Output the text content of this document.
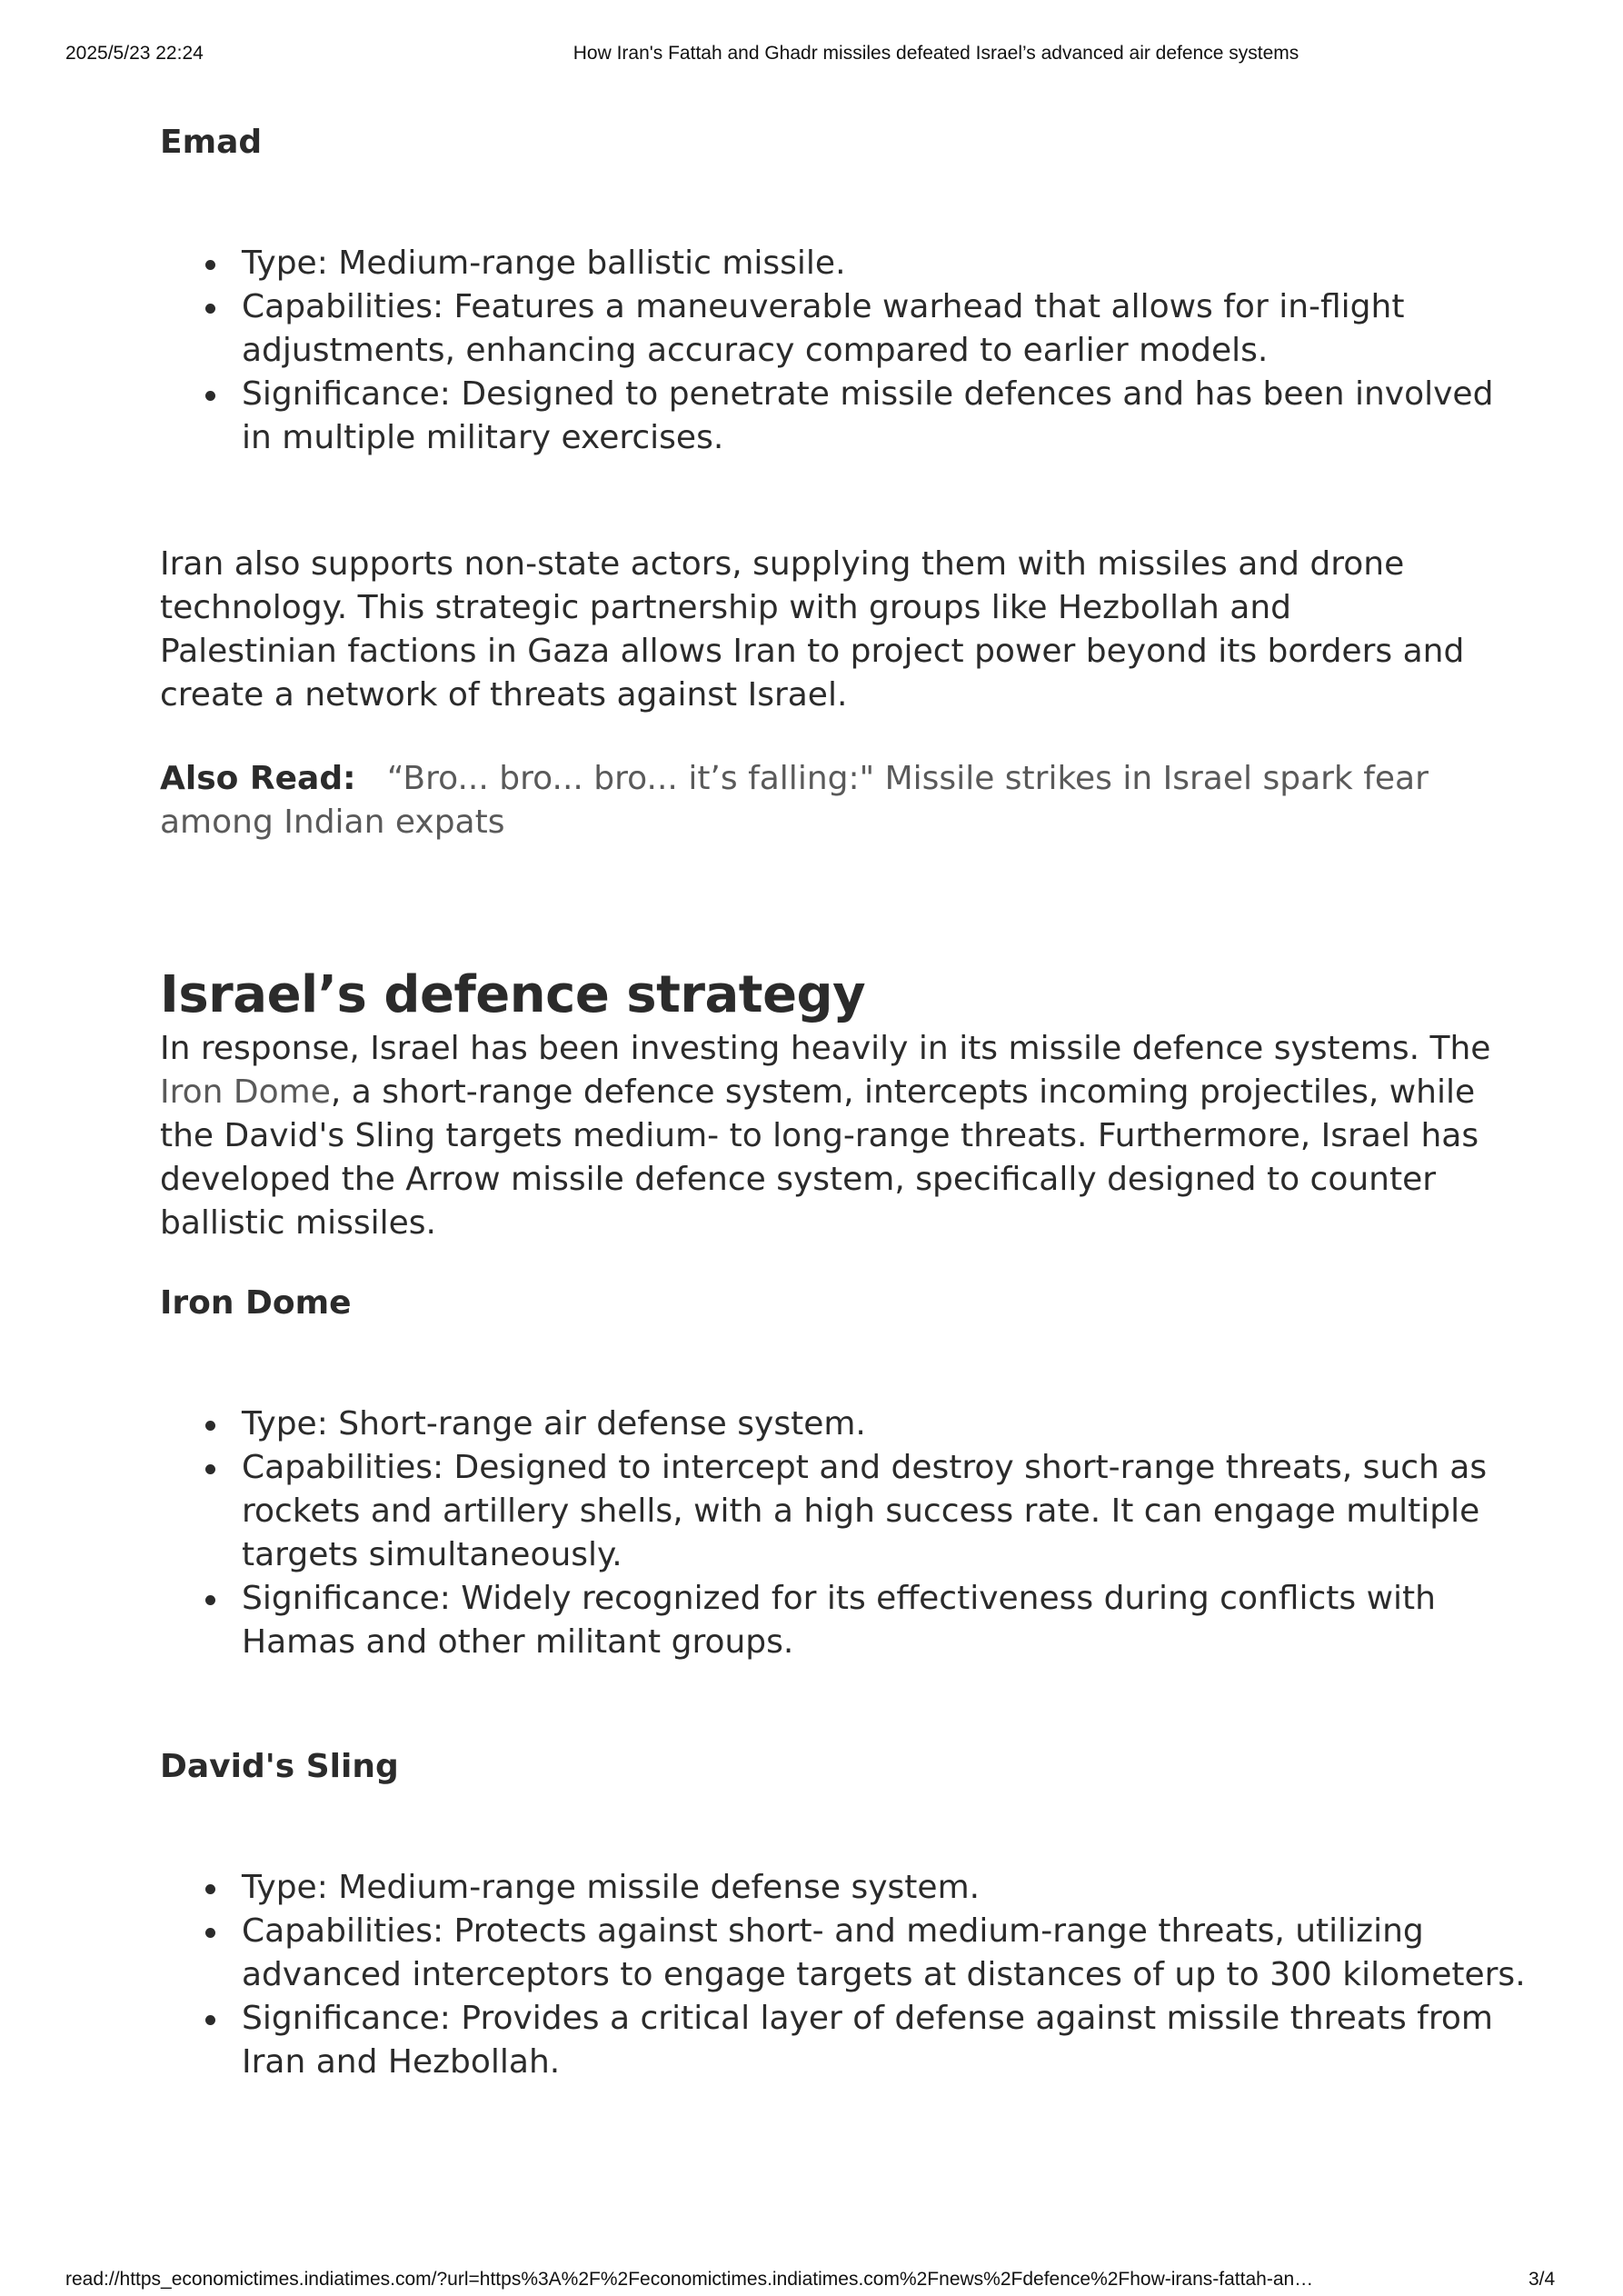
2025/5/23 22:24	How Iran's Fattah and Ghadr missiles defeated Israel’s advanced air defence systems
Emad
Type: Medium-range ballistic missile.
Capabilities: Features a maneuverable warhead that allows for in-flight adjustments, enhancing accuracy compared to earlier models.
Significance: Designed to penetrate missile defences and has been involved in multiple military exercises.

Iran also supports non-state actors, supplying them with missiles and drone technology. This strategic partnership with groups like Hezbollah and Palestinian factions in Gaza allows Iran to project power beyond its borders and create a network of threats against Israel.

Also Read: “Bro... bro... bro... it’s falling:" Missile strikes in Israel spark fear among Indian expats

Israel’s defence strategy

In response, Israel has been investing heavily in its missile defence systems. The Iron Dome, a short-range defence system, intercepts incoming projectiles, while the David's Sling targets medium- to long-range threats. Furthermore, Israel has developed the Arrow missile defence system, specifically designed to counter ballistic missiles.

Iron Dome
Type: Short-range air defense system.
Capabilities: Designed to intercept and destroy short-range threats, such as rockets and artillery shells, with a high success rate. It can engage multiple targets simultaneously.
Significance: Widely recognized for its effectiveness during conflicts with Hamas and other militant groups.
David's Sling
Type: Medium-range missile defense system.
Capabilities: Protects against short- and medium-range threats, utilizing advanced interceptors to engage targets at distances of up to 300 kilometers.
Significance: Provides a critical layer of defense against missile threats from Iran and Hezbollah.
read://https_economictimes.indiatimes.com/?url=https%3A%2F%2Feconomictimes.indiatimes.com%2Fnews%2Fdefence%2Fhow-irans-fattah-an…	3/4
